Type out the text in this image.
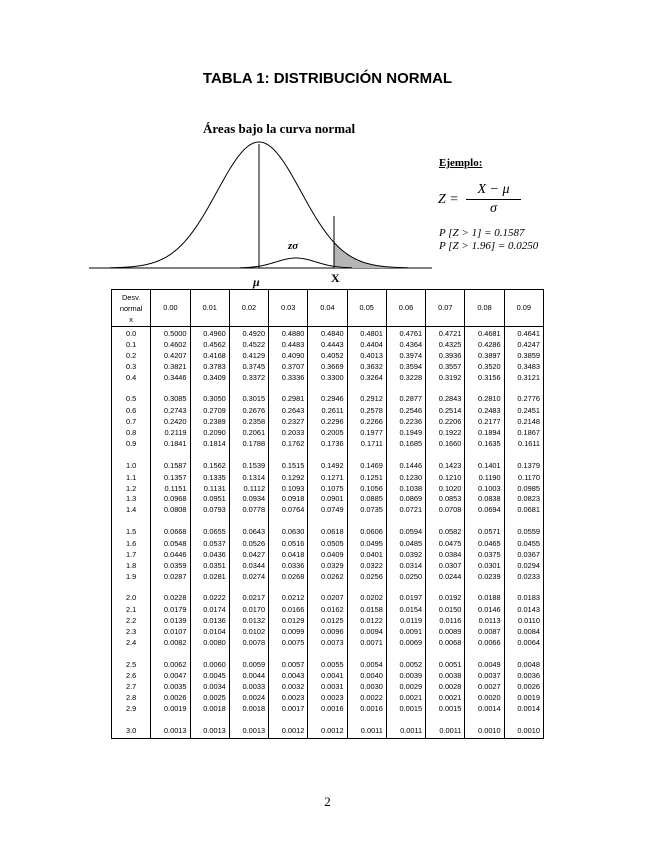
TABLA 1: DISTRIBUCIÓN NORMAL
Áreas bajo la curva normal
zσ
μ	X
Ejemplo:
Z =
X − μ
σ
P [Z > 1] = 0.1587
P [Z > 1.96] = 0.0250
Desv.
normal
x	0.00	0.01	0.02	0.03	0.04	0.05	0.06	0.07	0.08	0.09
0.0	0.5000	0.4960	0.4920	0.4880	0.4840	0.4801	0.4761	0.4721	0.4681	0.4641
0.1	0.4602	0.4562	0.4522	0.4483	0.4443	0.4404	0.4364	0.4325	0.4286	0.4247
0.2	0.4207	0.4168	0.4129	0.4090	0.4052	0.4013	0.3974	0.3936	0.3897	0.3859
0.3	0.3821	0.3783	0.3745	0.3707	0.3669	0.3632	0.3594	0.3557	0.3520	0.3483
0.4	0.3446	0.3409	0.3372	0.3336	0.3300	0.3264	0.3228	0.3192	0.3156	0.3121
0.5	0.3085	0.3050	0.3015	0.2981	0.2946	0.2912	0.2877	0.2843	0.2810	0.2776
0.6	0.2743	0.2709	0.2676	0.2643	0.2611	0.2578	0.2546	0.2514	0.2483	0.2451
0.7	0.2420	0.2389	0.2358	0.2327	0.2296	0.2266	0.2236	0.2206	0.2177	0.2148
0.8	0.2119	0.2090	0.2061	0.2033	0.2005	0.1977	0.1949	0.1922	0.1894	0.1867
0.9	0.1841	0.1814	0.1788	0.1762	0.1736	0.1711	0.1685	0.1660	0.1635	0.1611
1.0	0.1587	0.1562	0.1539	0.1515	0.1492	0.1469	0.1446	0.1423	0.1401	0.1379
1.1	0.1357	0.1335	0.1314	0.1292	0.1271	0.1251	0.1230	0.1210	0.1190	0.1170
1.2	0.1151	0.1131	0.1112	0.1093	0.1075	0.1056	0.1038	0.1020	0.1003	0.0985
1.3	0.0968	0.0951	0.0934	0.0918	0.0901	0.0885	0.0869	0.0853	0.0838	0.0823
1.4	0.0808	0.0793	0.0778	0.0764	0.0749	0.0735	0.0721	0.0708	0.0694	0.0681
1.5	0.0668	0.0655	0.0643	0.0630	0.0618	0.0606	0.0594	0.0582	0.0571	0.0559
1.6	0.0548	0.0537	0.0526	0.0516	0.0505	0.0495	0.0485	0.0475	0.0465	0.0455
1.7	0.0446	0.0436	0.0427	0.0418	0.0409	0.0401	0.0392	0.0384	0.0375	0.0367
1.8	0.0359	0.0351	0.0344	0.0336	0.0329	0.0322	0.0314	0.0307	0.0301	0.0294
1.9	0.0287	0.0281	0.0274	0.0268	0.0262	0.0256	0.0250	0.0244	0.0239	0.0233
2.0	0.0228	0.0222	0.0217	0.0212	0.0207	0.0202	0.0197	0.0192	0.0188	0.0183
2.1	0.0179	0.0174	0.0170	0.0166	0.0162	0.0158	0.0154	0.0150	0.0146	0.0143
2.2	0.0139	0.0136	0.0132	0.0129	0.0125	0.0122	0.0119	0.0116	0.0113	0.0110
2.3	0.0107	0.0104	0.0102	0.0099	0.0096	0.0094	0.0091	0.0089	0.0087	0.0084
2.4	0.0082	0.0080	0.0078	0.0075	0.0073	0.0071	0.0069	0.0068	0.0066	0.0064
2.5	0.0062	0.0060	0.0059	0.0057	0.0055	0.0054	0.0052	0.0051	0.0049	0.0048
2.6	0.0047	0.0045	0.0044	0.0043	0.0041	0.0040	0.0039	0.0038	0.0037	0.0036
2.7	0.0035	0.0034	0.0033	0.0032	0.0031	0.0030	0.0029	0.0028	0.0027	0.0026
2.8	0.0026	0.0025	0.0024	0.0023	0.0023	0.0022	0.0021	0.0021	0.0020	0.0019
2.9	0.0019	0.0018	0.0018	0.0017	0.0016	0.0016	0.0015	0.0015	0.0014	0.0014
3.0	0.0013	0.0013	0.0013	0.0012	0.0012	0.0011	0.0011	0.0011	0.0010	0.0010
2
